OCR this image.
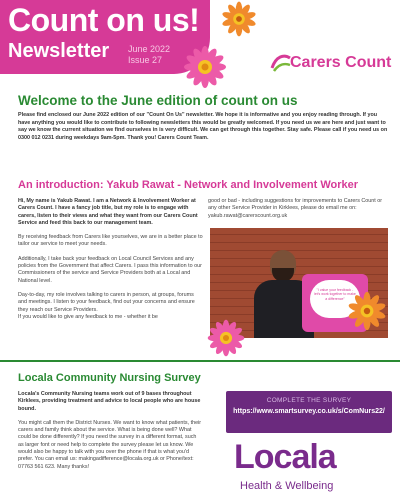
Count on us!
Newsletter June 2022
Issue 27	Carers Count
Welcome to the June edition of count on us
Please find enclosed our June 2022 edition of our "Count On Us" newsletter. We hope it is informative and you enjoy reading through. If you have anything you would like to contribute to following newsletters this would be greatly welcomed. If you need us we are here and just want to say we know the current situation we find ourselves in is very difficult. We can get through this together. Stay safe. Please call if you need us on 0300 012 0231 during weekdays 9am-5pm. Thank you! Carers Count Team.
An introduction: Yakub Rawat - Network and Involvement Worker

Hi, My name is Yakub Rawat. I am a Network & Involvement Worker at Carers Count. I have a fancy job title, but my role is to engage with carers, listen to their views and what they want from our Carers Count Service and feed this back to our management team.

By receiving feedback from Carers like yourselves, we are in a better place to tailor our service to meet your needs.

Additionally, I take back your feedback on Local Council Services and any policies from the Government that affect Carers. I pass this information to our Commissioners of the service and Service Providers both at a Local and National level.

Day-to-day, my role involves talking to carers in person, at groups, forums and meetings. I listen to your feedback, find out your concerns and ensure they reach our Service Providers.

If you would like to give any feedback to me - whether it be

good or bad - including suggestions for improvements to Carers Count or any other Service Provider in Kirklees, please do email me on: yakub.rawat@carerscount.org.uk
"I value your feedback - let's work together to make a difference"
Locala Community Nursing Survey

Locala's Community Nursing teams work out of 9 bases throughout Kirklees, providing treatment and advice to local people who are house bound.

You might call them the District Nurses. We want to know what patients, their carers and family think about the service. What is being done well? What could be done differently? If you need the survey in a different format, such as larger font or need help to complete the survey please let us know. We would also be happy to talk with you over the phone if that is what you'd prefer. You can email us: makingadifference@locala.org.uk or Phone/text: 07763 561 623. Many thanks!

COMPLETE THE SURVEY
https://www.smartsurvey.co.uk/s/ComNurs22/
Locala
Health & Wellbeing
